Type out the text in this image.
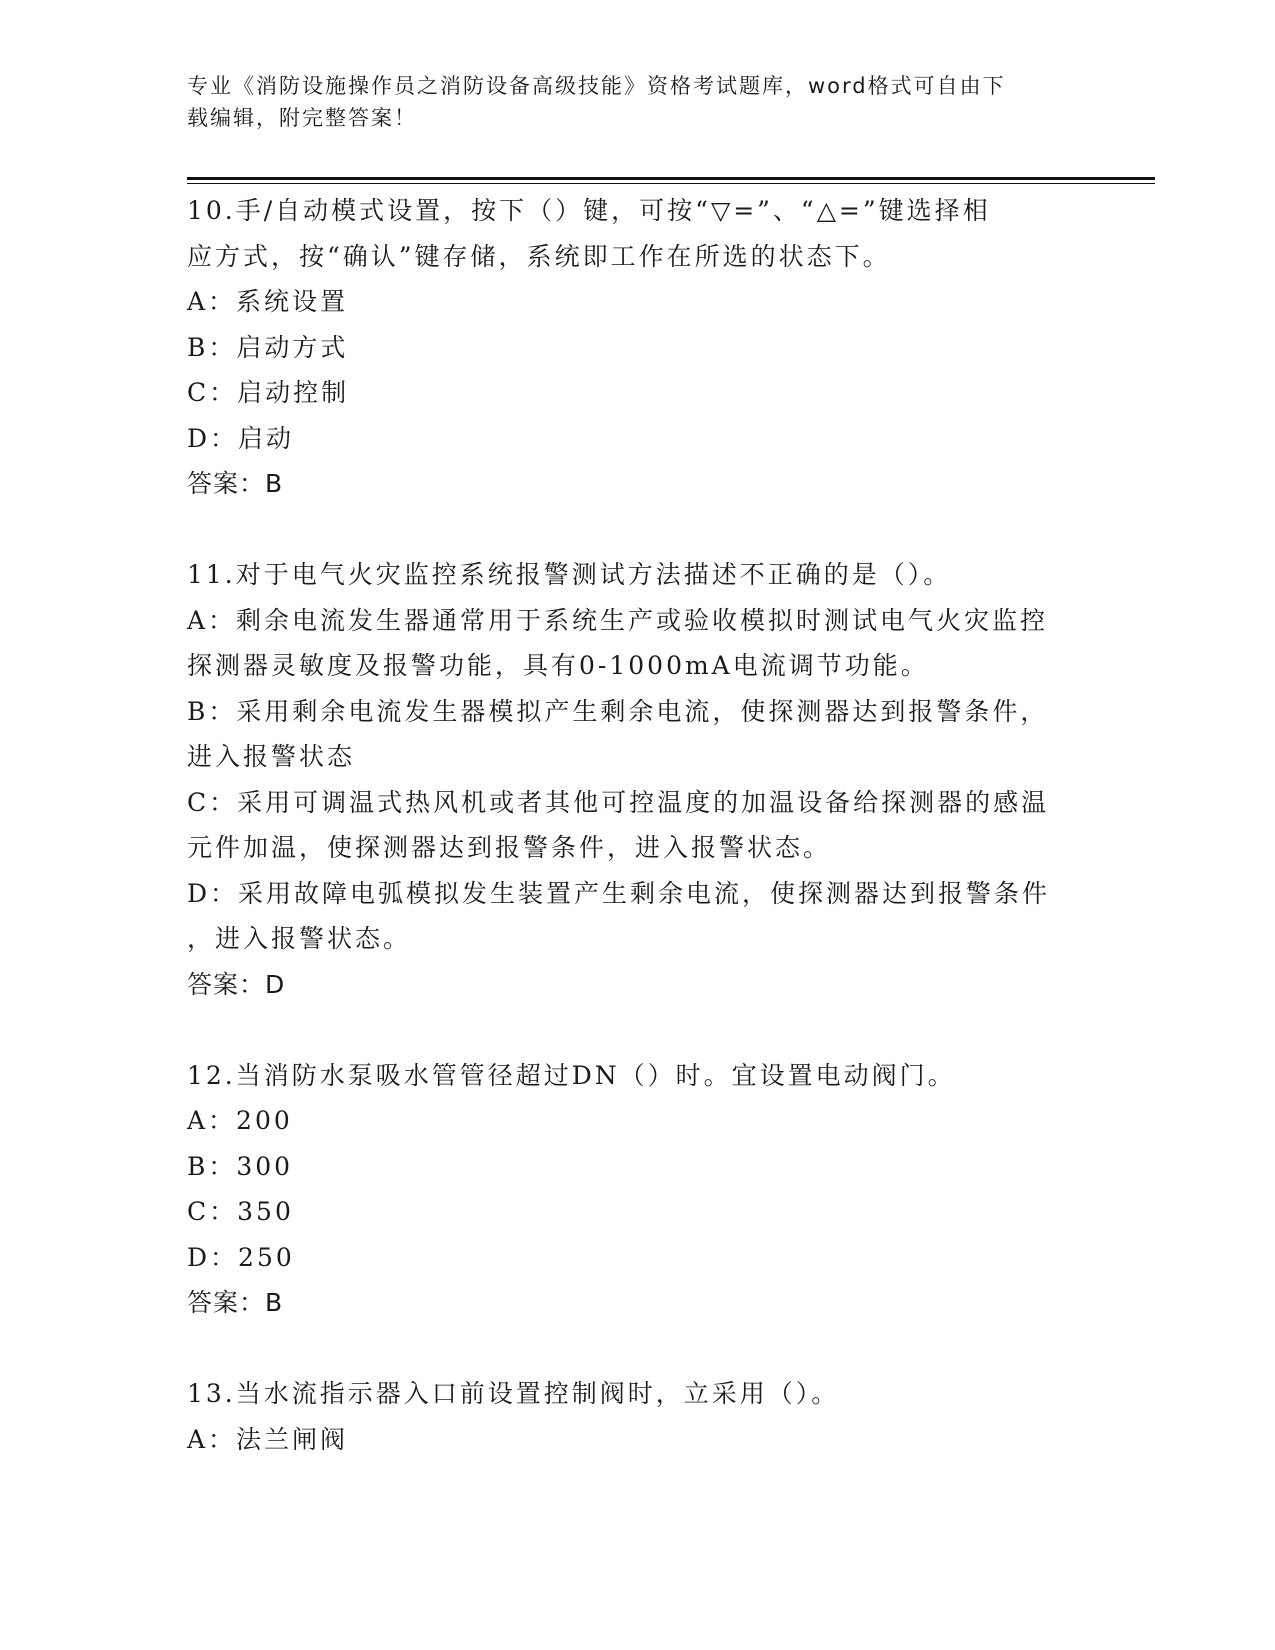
专业《消防设施操作员之消防设备高级技能》资格考试题库，word格式可自由下
载编辑，附完整答案！
10.手/自动模式设置，按下（）键，可按“▽=”、“△=”键选择相
应方式，按“确认”键存储，系统即工作在所选的状态下。
A：系统设置
B：启动方式
C：启动控制
D：启动
答案：B
11.对于电气火灾监控系统报警测试方法描述不正确的是（）。
A：剩余电流发生器通常用于系统生产或验收模拟时测试电气火灾监控
探测器灵敏度及报警功能，具有0-1000mA电流调节功能。
B：采用剩余电流发生器模拟产生剩余电流，使探测器达到报警条件，
进入报警状态
C：采用可调温式热风机或者其他可控温度的加温设备给探测器的感温
元件加温，使探测器达到报警条件，进入报警状态。
D：采用故障电弧模拟发生装置产生剩余电流，使探测器达到报警条件
，进入报警状态。
答案：D
12.当消防水泵吸水管管径超过DN（）时。宜设置电动阀门。
A：200
B：300
C：350
D：250
答案：B
13.当水流指示器入口前设置控制阀时，立采用（）。
A：法兰闸阀
